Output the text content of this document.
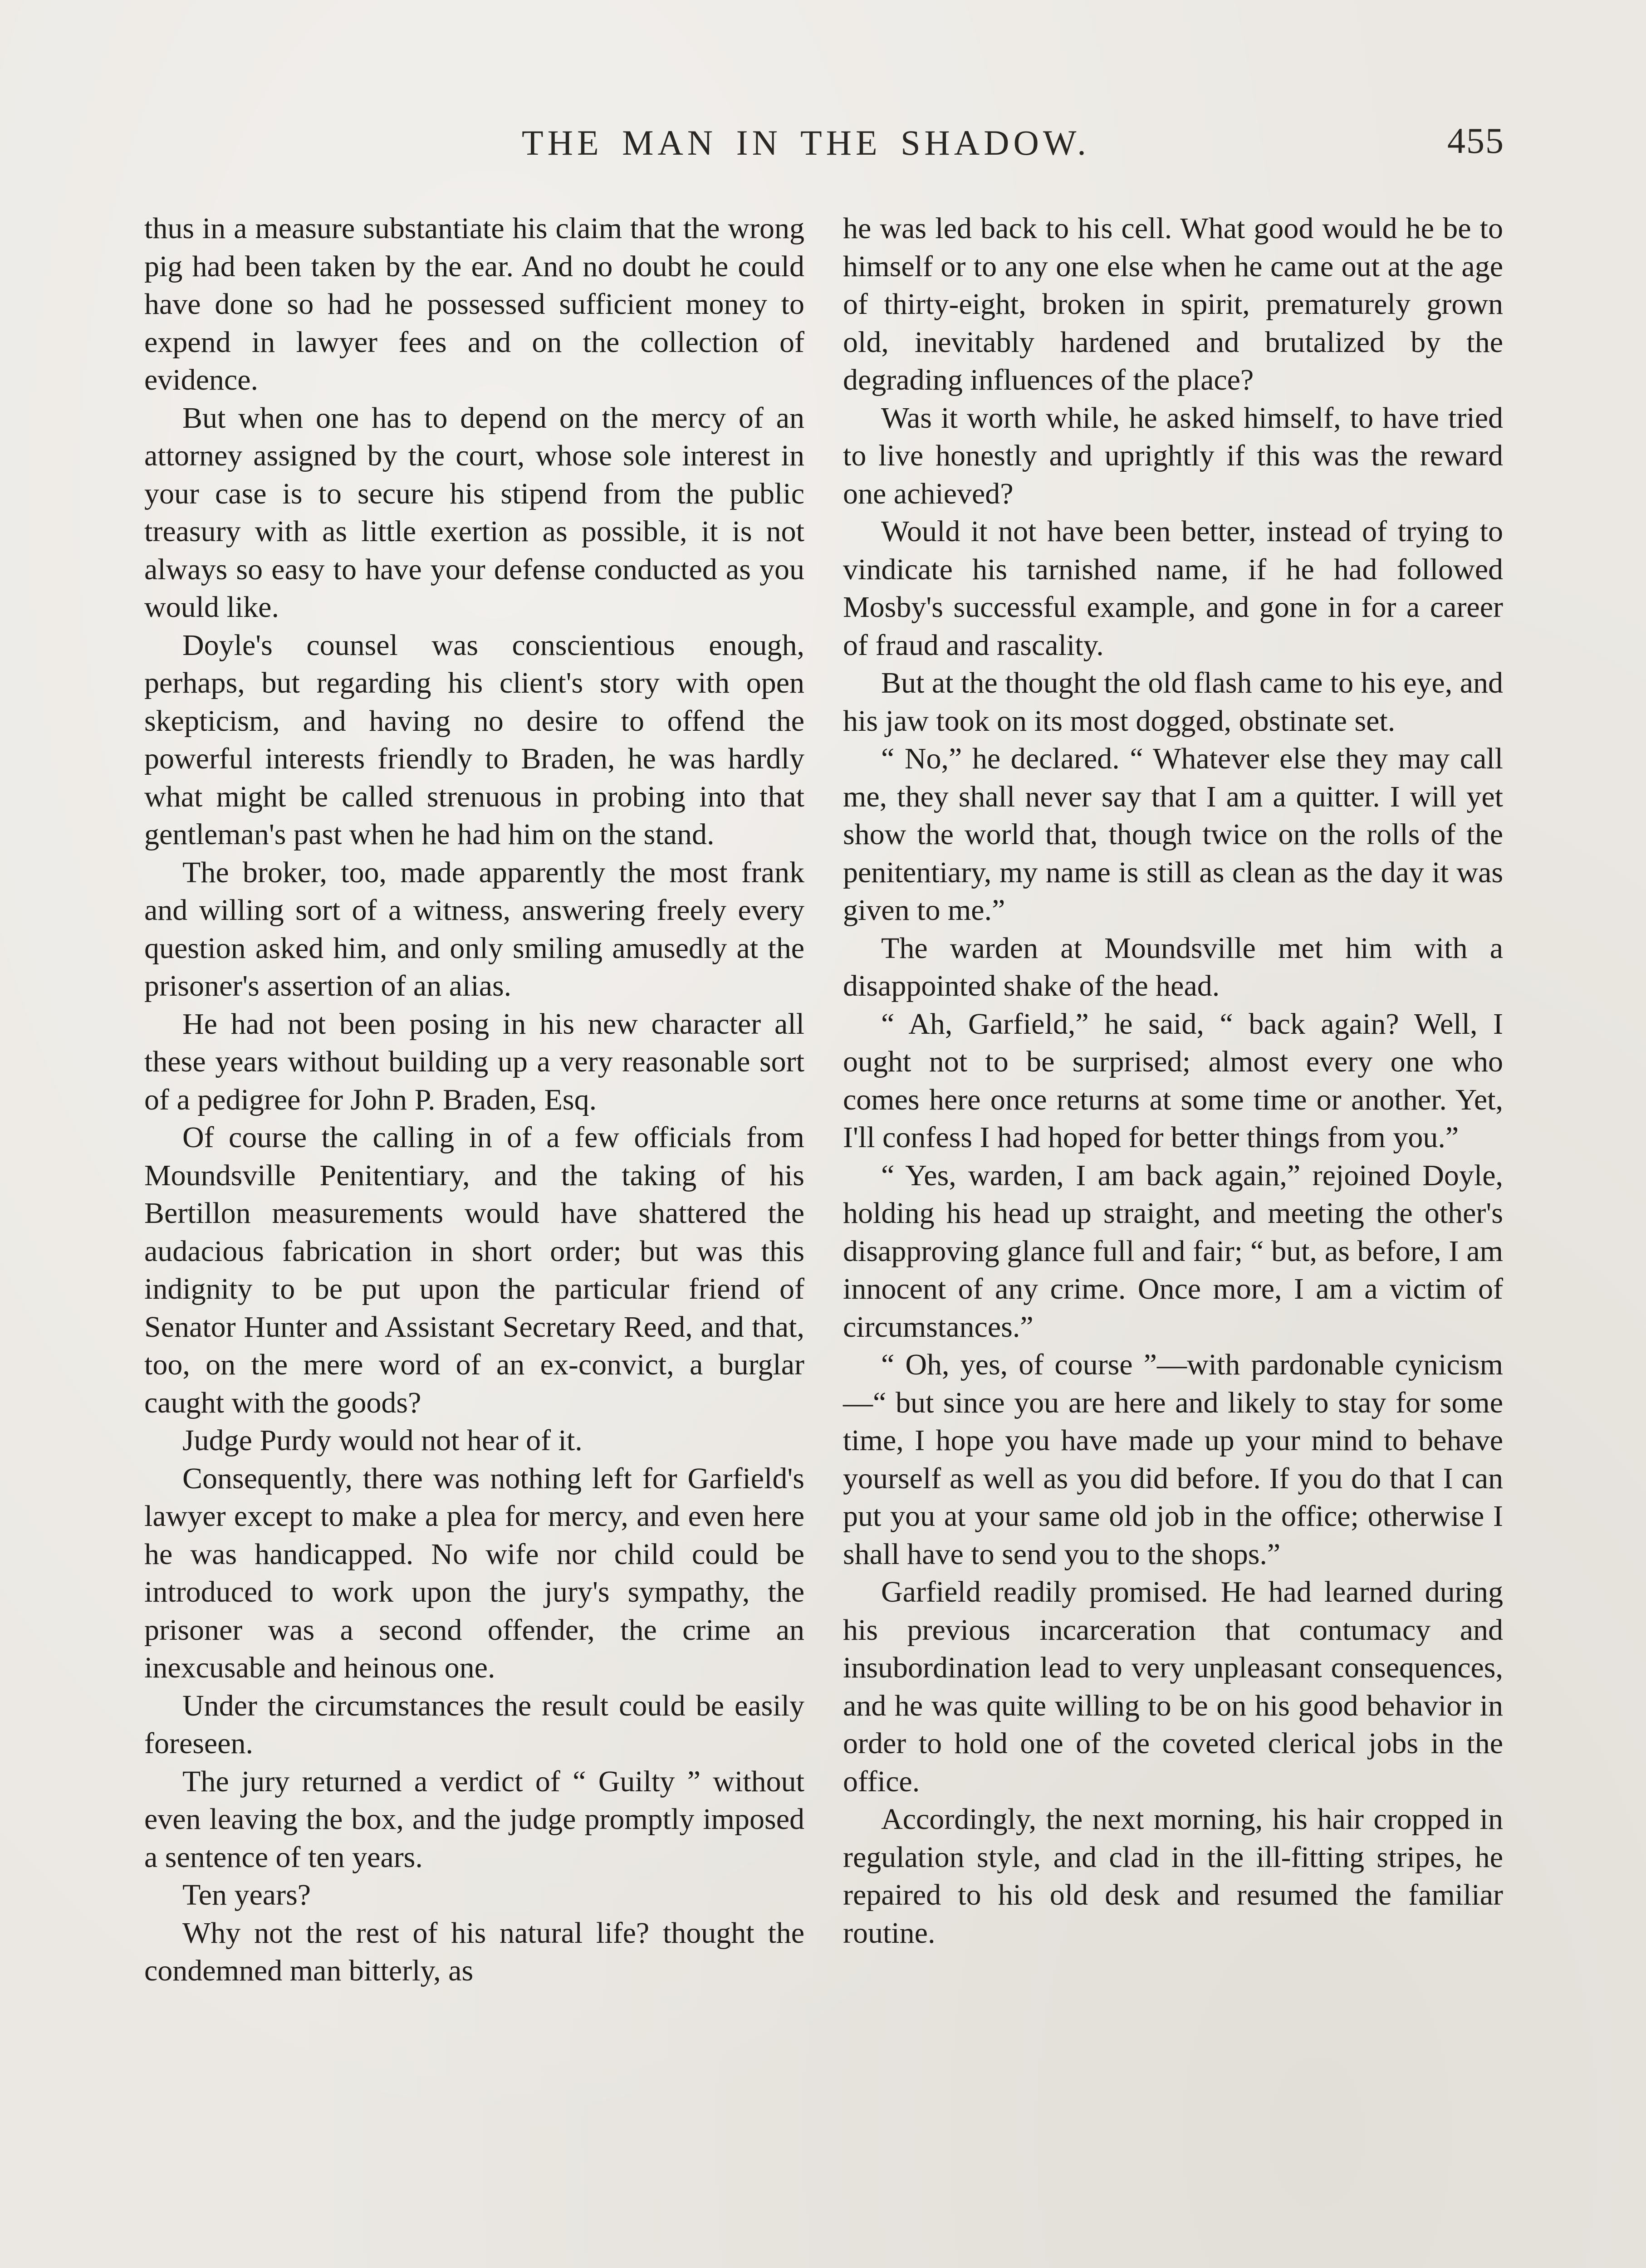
THE MAN IN THE SHADOW.	455

thus in a measure substantiate his claim that the wrong pig had been taken by the ear. And no doubt he could have done so had he possessed sufficient money to expend in lawyer fees and on the collection of evidence.

But when one has to depend on the mercy of an attorney assigned by the court, whose sole interest in your case is to secure his stipend from the public treasury with as little exertion as possible, it is not always so easy to have your defense conducted as you would like.

Doyle's counsel was conscientious enough, perhaps, but regarding his client's story with open skepticism, and having no desire to offend the powerful interests friendly to Braden, he was hardly what might be called strenuous in probing into that gentleman's past when he had him on the stand.

The broker, too, made apparently the most frank and willing sort of a witness, answering freely every question asked him, and only smiling amusedly at the prisoner's assertion of an alias.

He had not been posing in his new character all these years without building up a very reasonable sort of a pedigree for John P. Braden, Esq.

Of course the calling in of a few officials from Moundsville Penitentiary, and the taking of his Bertillon measurements would have shattered the audacious fabrication in short order; but was this indignity to be put upon the particular friend of Senator Hunter and Assistant Secretary Reed, and that, too, on the mere word of an ex-convict, a burglar caught with the goods?

Judge Purdy would not hear of it.

Consequently, there was nothing left for Garfield's lawyer except to make a plea for mercy, and even here he was handicapped. No wife nor child could be introduced to work upon the jury's sympathy, the prisoner was a second offender, the crime an inexcusable and heinous one.

Under the circumstances the result could be easily foreseen.

The jury returned a verdict of “ Guilty ” without even leaving the box, and the judge promptly imposed a sentence of ten years.

Ten years?

Why not the rest of his natural life? thought the condemned man bitterly, as

he was led back to his cell. What good would he be to himself or to any one else when he came out at the age of thirty-eight, broken in spirit, prematurely grown old, inevitably hardened and brutalized by the degrading influences of the place?

Was it worth while, he asked himself, to have tried to live honestly and uprightly if this was the reward one achieved?

Would it not have been better, instead of trying to vindicate his tarnished name, if he had followed Mosby's successful example, and gone in for a career of fraud and rascality.

But at the thought the old flash came to his eye, and his jaw took on its most dogged, obstinate set.

“ No,” he declared. “ Whatever else they may call me, they shall never say that I am a quitter. I will yet show the world that, though twice on the rolls of the penitentiary, my name is still as clean as the day it was given to me.”

The warden at Moundsville met him with a disappointed shake of the head.

“ Ah, Garfield,” he said, “ back again? Well, I ought not to be surprised; almost every one who comes here once returns at some time or another. Yet, I'll confess I had hoped for better things from you.”

“ Yes, warden, I am back again,” rejoined Doyle, holding his head up straight, and meeting the other's disapproving glance full and fair; “ but, as before, I am innocent of any crime. Once more, I am a victim of circumstances.”

“ Oh, yes, of course ”—with pardonable cynicism—“ but since you are here and likely to stay for some time, I hope you have made up your mind to behave yourself as well as you did before. If you do that I can put you at your same old job in the office; otherwise I shall have to send you to the shops.”

Garfield readily promised. He had learned during his previous incarceration that contumacy and insubordination lead to very unpleasant consequences, and he was quite willing to be on his good behavior in order to hold one of the coveted clerical jobs in the office.

Accordingly, the next morning, his hair cropped in regulation style, and clad in the ill-fitting stripes, he repaired to his old desk and resumed the familiar routine.
